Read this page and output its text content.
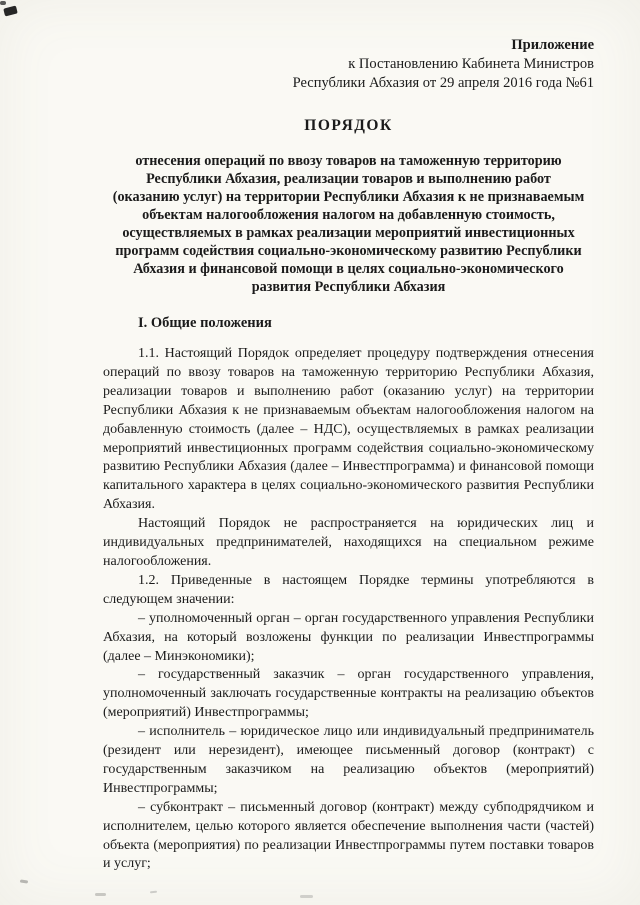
Приложение
к Постановлению Кабинета Министров
Республики Абхазия от 29 апреля 2016 года №61
ПОРЯДОК

отнесения операций по ввозу товаров на таможенную территорию Республики Абхазия, реализации товаров и выполнению работ (оказанию услуг) на территории Республики Абхазия к не признаваемым объектам налогообложения налогом на добавленную стоимость, осуществляемых в рамках реализации мероприятий инвестиционных программ содействия социально-экономическому развитию Республики Абхазия и финансовой помощи в целях социально-экономического развития Республики Абхазия

I. Общие положения

1.1. Настоящий Порядок определяет процедуру подтверждения отнесения операций по ввозу товаров на таможенную территорию Республики Абхазия, реализации товаров и выполнению работ (оказанию услуг) на территории Республики Абхазия к не признаваемым объектам налогообложения налогом на добавленную стоимость (далее – НДС), осуществляемых в рамках реализации мероприятий инвестиционных программ содействия социально-экономическому развитию Республики Абхазия (далее – Инвестпрограмма) и финансовой помощи капитального характера в целях социально-экономического развития Республики Абхазия.

Настоящий Порядок не распространяется на юридических лиц и индивидуальных предпринимателей, находящихся на специальном режиме налогообложения.

1.2. Приведенные в настоящем Порядке термины употребляются в следующем значении:

– уполномоченный орган – орган государственного управления Республики Абхазия, на который возложены функции по реализации Инвестпрограммы (далее – Минэкономики);

– государственный заказчик – орган государственного управления, уполномоченный заключать государственные контракты на реализацию объектов (мероприятий) Инвестпрограммы;

– исполнитель – юридическое лицо или индивидуальный предприниматель (резидент или нерезидент), имеющее письменный договор (контракт) с государственным заказчиком на реализацию объектов (мероприятий) Инвестпрограммы;

– субконтракт – письменный договор (контракт) между субподрядчиком и исполнителем, целью которого является обеспечение выполнения части (частей) объекта (мероприятия) по реализации Инвестпрограммы путем поставки товаров и услуг;
